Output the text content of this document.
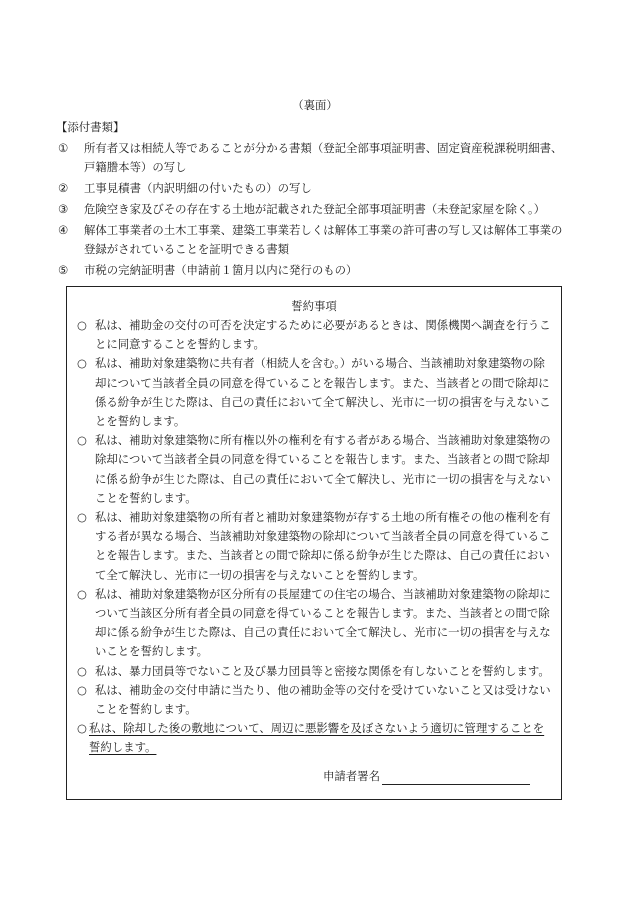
（裏面）
【添付書類】
①	所有者又は相続人等であることが分かる書類（登記全部事項証明書、固定資産税課税明細書、戸籍謄本等）の写し
②	工事見積書（内訳明細の付いたもの）の写し
③	危険空き家及びその存在する土地が記載された登記全部事項証明書（未登記家屋を除く。）
④	解体工事業者の土木工事業、建築工事業若しくは解体工事業の許可書の写し又は解体工事業の登録がされていることを証明できる書類
⑤	市税の完納証明書（申請前１箇月以内に発行のもの）
誓約事項
○ 私は、補助金の交付の可否を決定するために必要があるときは、関係機関へ調査を行うことに同意することを誓約します。
○ 私は、補助対象建築物に共有者（相続人を含む。）がいる場合、当該補助対象建築物の除却について当該者全員の同意を得ていることを報告します。また、当該者との間で除却に係る紛争が生じた際は、自己の責任において全て解決し、光市に一切の損害を与えないことを誓約します。
○ 私は、補助対象建築物に所有権以外の権利を有する者がある場合、当該補助対象建築物の除却について当該者全員の同意を得ていることを報告します。また、当該者との間で除却に係る紛争が生じた際は、自己の責任において全て解決し、光市に一切の損害を与えないことを誓約します。
○ 私は、補助対象建築物の所有者と補助対象建築物が存する土地の所有権その他の権利を有する者が異なる場合、当該補助対象建築物の除却について当該者全員の同意を得ていることを報告します。また、当該者との間で除却に係る紛争が生じた際は、自己の責任において全て解決し、光市に一切の損害を与えないことを誓約します。
○ 私は、補助対象建築物が区分所有の長屋建ての住宅の場合、当該補助対象建築物の除却について当該区分所有者全員の同意を得ていることを報告します。また、当該者との間で除却に係る紛争が生じた際は、自己の責任において全て解決し、光市に一切の損害を与えないことを誓約します。
○ 私は、暴力団員等でないこと及び暴力団員等と密接な関係を有しないことを誓約します。
○ 私は、補助金の交付申請に当たり、他の補助金等の交付を受けていないこと又は受けないことを誓約します。
○ 私は、除却した後の敷地について、周辺に悪影響を及ぼさないよう適切に管理することを誓約します。
申請者署名
